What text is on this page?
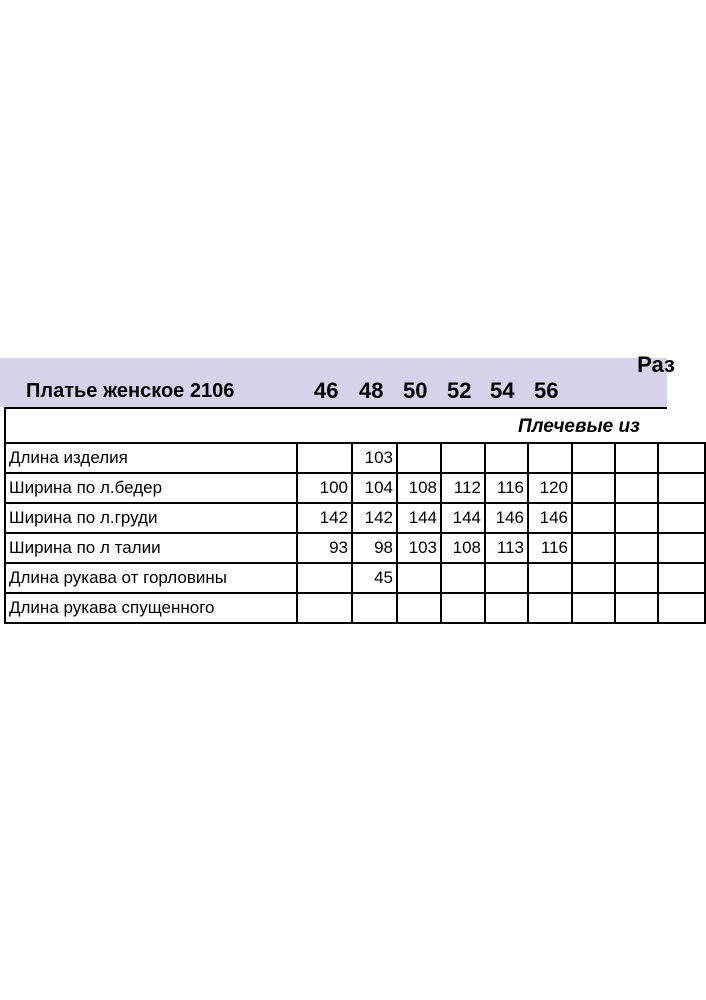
Раз
Платье женское 2106	46 48 50 52 54 56
Плечевые из
Длина изделия		103							
Ширина по л.бедер	100	104	108	112	116	120			
Ширина по л.груди	142	142	144	144	146	146			
Ширина по л талии	93	98	103	108	113	116			
Длина рукава от горловины		45							
Длина рукава спущенного									
